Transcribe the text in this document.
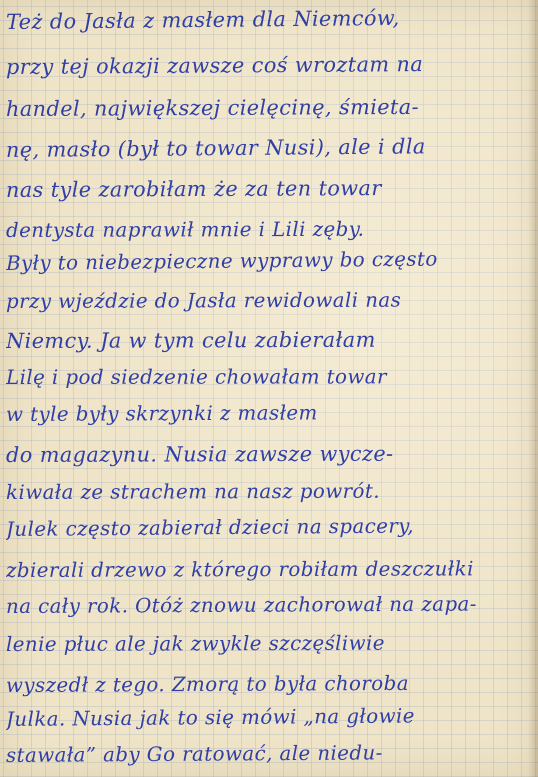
Też do Jasła z masłem dla Niemców,
przy tej okazji zawsze coś wroztam na
handel, największej cielęcinę, śmieta-
nę, masło (był to towar Nusi), ale i dla
nas tyle zarobiłam że za ten towar
dentysta naprawił mnie i Lili zęby.
Były to niebezpieczne wyprawy bo często
przy wjeździe do Jasła rewidowali nas
Niemcy. Ja w tym celu zabierałam
Lilę i pod siedzenie chowałam towar
w tyle były skrzynki z masłem
do magazynu. Nusia zawsze wycze-
kiwała ze strachem na nasz powrót.
Julek często zabierał dzieci na spacery,
zbierali drzewo z którego robiłam deszczułki
na cały rok. Otóż znowu zachorował na zapa-
lenie płuc ale jak zwykle szczęśliwie
wyszedł z tego. Zmorą to była choroba
Julka. Nusia jak to się mówi „na głowie
stawała” aby Go ratować, ale niedu-
